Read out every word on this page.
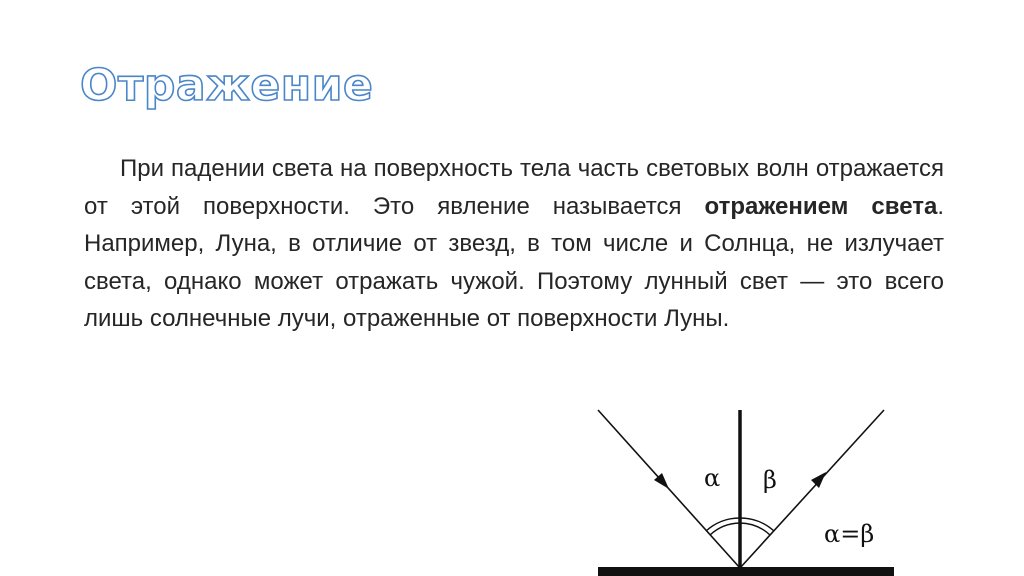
Отражение

При падении света на поверхность тела часть световых волн отражается от этой поверхности. Это явление называется отражением света. Например, Луна, в отличие от звезд, в том числе и Солнца, не излучает света, однако может отражать чужой. Поэтому лунный свет — это всего лишь солнечные лучи, отраженные от поверхности Луны.

α β
α=β
